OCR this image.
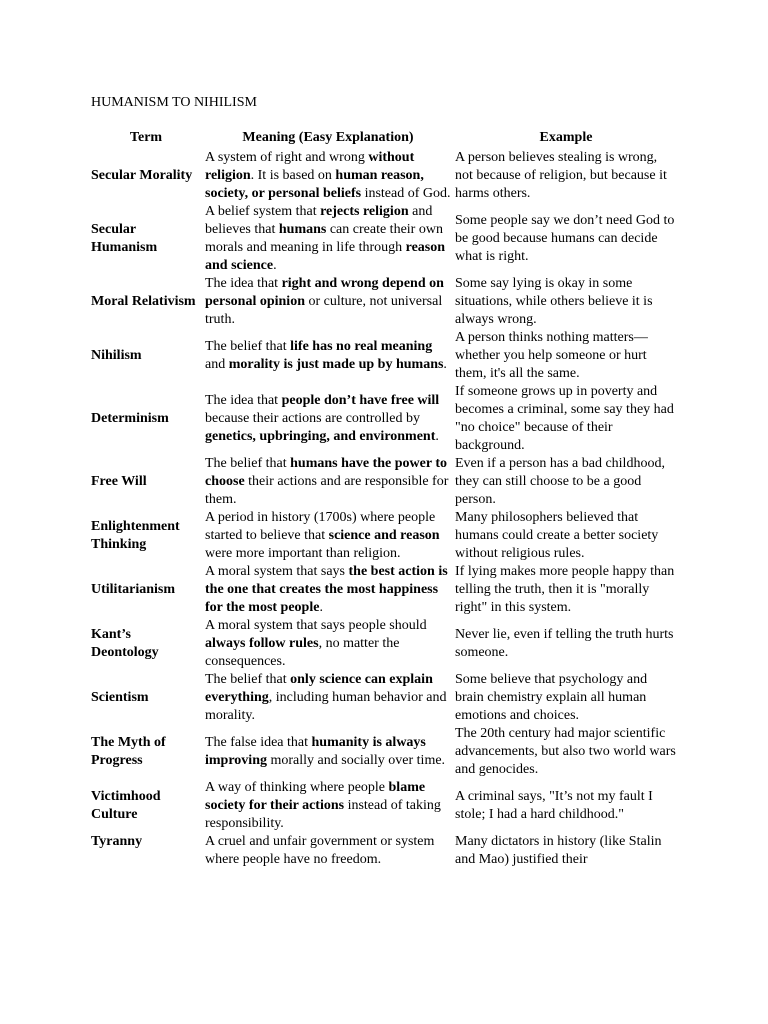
HUMANISM TO NIHILISM
Term	Meaning (Easy Explanation)	Example
Secular Morality	A system of right and wrong without religion. It is based on human reason, society, or personal beliefs instead of God.	A person believes stealing is wrong, not because of religion, but because it harms others.
Secular Humanism	A belief system that rejects religion and believes that humans can create their own morals and meaning in life through reason and science.	Some people say we don’t need God to be good because humans can decide what is right.
Moral Relativism	The idea that right and wrong depend on personal opinion or culture, not universal truth.	Some say lying is okay in some situations, while others believe it is always wrong.
Nihilism	The belief that life has no real meaning and morality is just made up by humans.	A person thinks nothing matters—whether you help someone or hurt them, it's all the same.
Determinism	The idea that people don’t have free will because their actions are controlled by genetics, upbringing, and environment.	If someone grows up in poverty and becomes a criminal, some say they had "no choice" because of their background.
Free Will	The belief that humans have the power to choose their actions and are responsible for them.	Even if a person has a bad childhood, they can still choose to be a good person.
Enlightenment Thinking	A period in history (1700s) where people started to believe that science and reason were more important than religion.	Many philosophers believed that humans could create a better society without religious rules.
Utilitarianism	A moral system that says the best action is the one that creates the most happiness for the most people.	If lying makes more people happy than telling the truth, then it is "morally right" in this system.
Kant’s Deontology	A moral system that says people should always follow rules, no matter the consequences.	Never lie, even if telling the truth hurts someone.
Scientism	The belief that only science can explain everything, including human behavior and morality.	Some believe that psychology and brain chemistry explain all human emotions and choices.
The Myth of Progress	The false idea that humanity is always improving morally and socially over time.	The 20th century had major scientific advancements, but also two world wars and genocides.
Victimhood Culture	A way of thinking where people blame society for their actions instead of taking responsibility.	A criminal says, "It’s not my fault I stole; I had a hard childhood."
Tyranny	A cruel and unfair government or system where people have no freedom.	Many dictators in history (like Stalin and Mao) justified their
